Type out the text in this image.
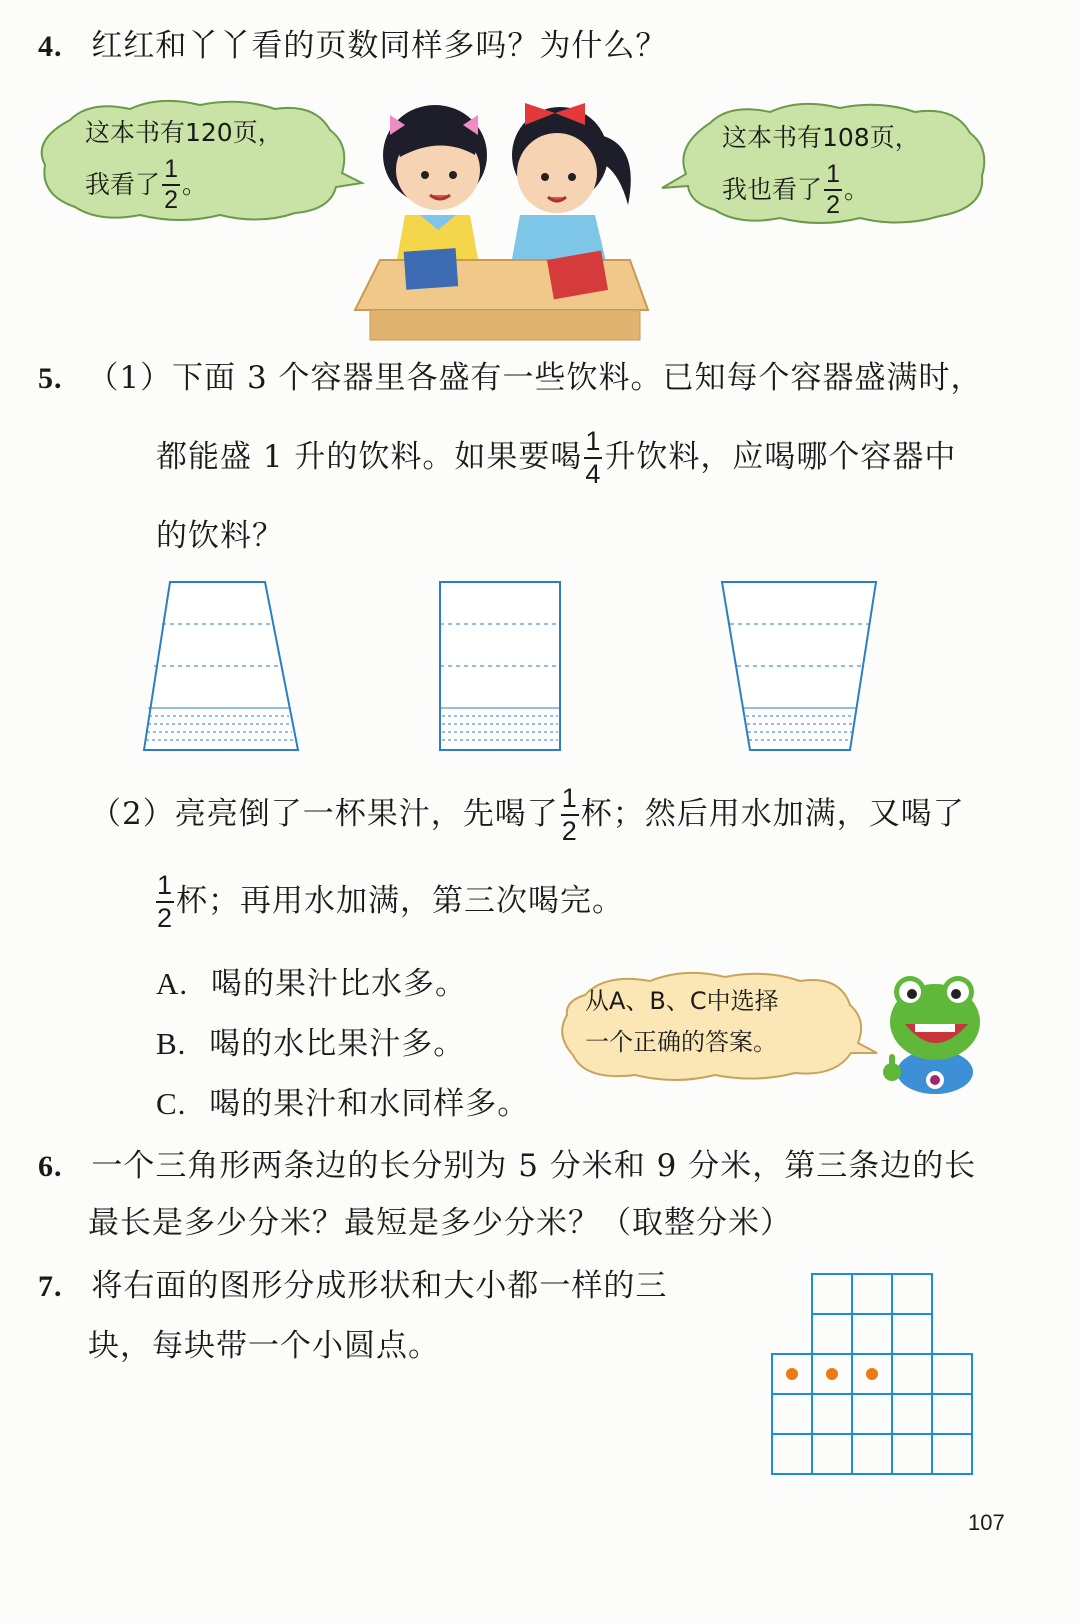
4. 红红和丫丫看的页数同样多吗？为什么？
这本书有120页，
我看了 $\frac{1}{2}$ 。
这本书有108页，
我也看了 $\frac{1}{2}$ 。
5. （1）下面 3 个容器里各盛有一些饮料。已知每个容器盛满时，
都能盛 1 升的饮料。如果要喝 $\frac{1}{4}$ 升饮料，应喝哪个容器中
的饮料？
（2） 亮亮倒了一杯果汁，先喝了 $\frac{1}{2}$ 杯；然后用水加满，又喝了
$\frac{1}{2}$ 杯；再用水加满，第三次喝完。
A. 喝的果汁比水多。
B. 喝的水比果汁多。
C. 喝的果汁和水同样多。
从A、B、C中选择
一个正确的答案。
6. 一个三角形两条边的长分别为 5 分米和 9 分米，第三条边的长
最长是多少分米？最短是多少分米？（取整分米）
7. 将右面的图形分成形状和大小都一样的三
块，每块带一个小圆点。
107
